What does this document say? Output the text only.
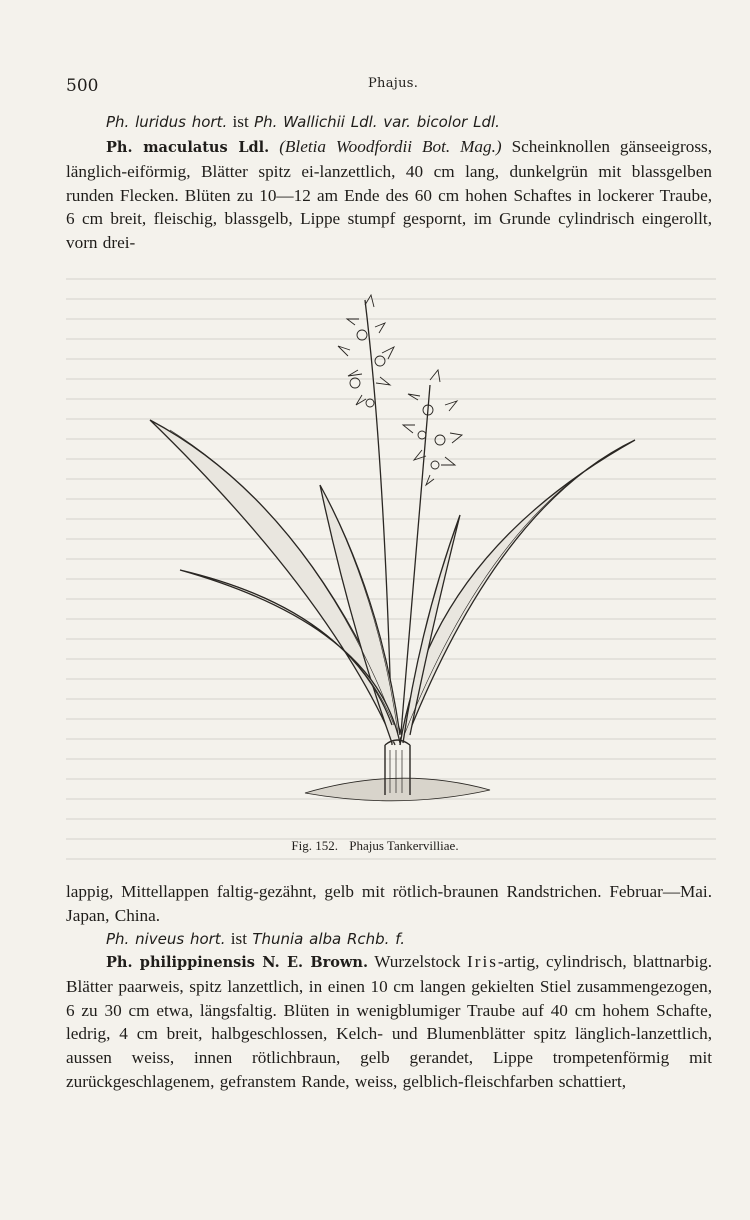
500	Phajus.
Ph. luridus hort. ist Ph. Wallichii Ldl. var. bicolor Ldl.
Ph. maculatus Ldl. (Bletia Woodfordii Bot. Mag.) Scheinknollen gänseeigross, länglich-eiförmig, Blätter spitz ei-lanzettlich, 40 cm lang, dunkelgrün mit blassgelben runden Flecken. Blüten zu 10—12 am Ende des 60 cm hohen Schaftes in lockerer Traube, 6 cm breit, fleischig, blassgelb, Lippe stumpf gespornt, im Grunde cylindrisch eingerollt, vorn drei-
Fig. 152. Phajus Tankervilliae.
lappig, Mittellappen faltig-gezähnt, gelb mit rötlich-braunen Randstrichen. Februar—Mai. Japan, China.
Ph. niveus hort. ist Thunia alba Rchb. f.
Ph. philippinensis N. E. Brown. Wurzelstock Iris-artig, cylindrisch, blattnarbig. Blätter paarweis, spitz lanzettlich, in einen 10 cm langen gekielten Stiel zusammengezogen, 6 zu 30 cm etwa, längsfaltig. Blüten in wenigblumiger Traube auf 40 cm hohem Schafte, ledrig, 4 cm breit, halbgeschlossen, Kelch- und Blumenblätter spitz länglich-lanzettlich, aussen weiss, innen rötlichbraun, gelb gerandet, Lippe trompetenförmig mit zurückgeschlagenem, gefranstem Rande, weiss, gelblich-fleischfarben schattiert,
